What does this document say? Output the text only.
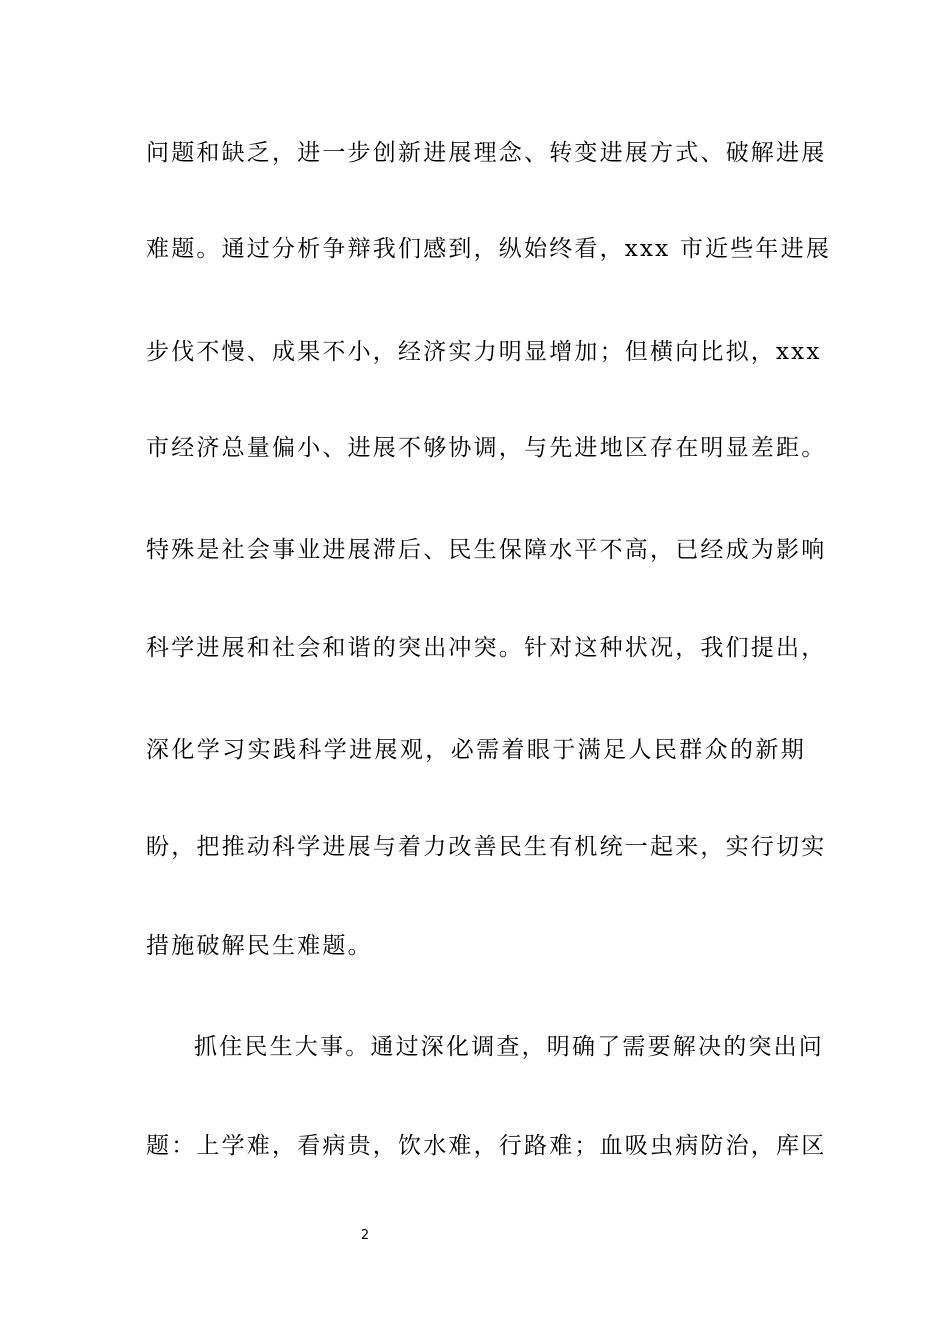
问题和缺乏，进一步创新进展理念、转变进展方式、破解进展
难题。通过分析争辩我们感到，纵始终看，xxx 市近些年进展
步伐不慢、成果不小，经济实力明显增加；但横向比拟，xxx
市经济总量偏小、进展不够协调，与先进地区存在明显差距。
特殊是社会事业进展滞后、民生保障水平不高，已经成为影响
科学进展和社会和谐的突出冲突。针对这种状况，我们提出，
深化学习实践科学进展观，必需着眼于满足人民群众的新期
盼，把推动科学进展与着力改善民生有机统一起来，实行切实
措施破解民生难题。
抓住民生大事。通过深化调查，明确了需要解决的突出问
题：上学难，看病贵，饮水难，行路难；血吸虫病防治，库区
2
